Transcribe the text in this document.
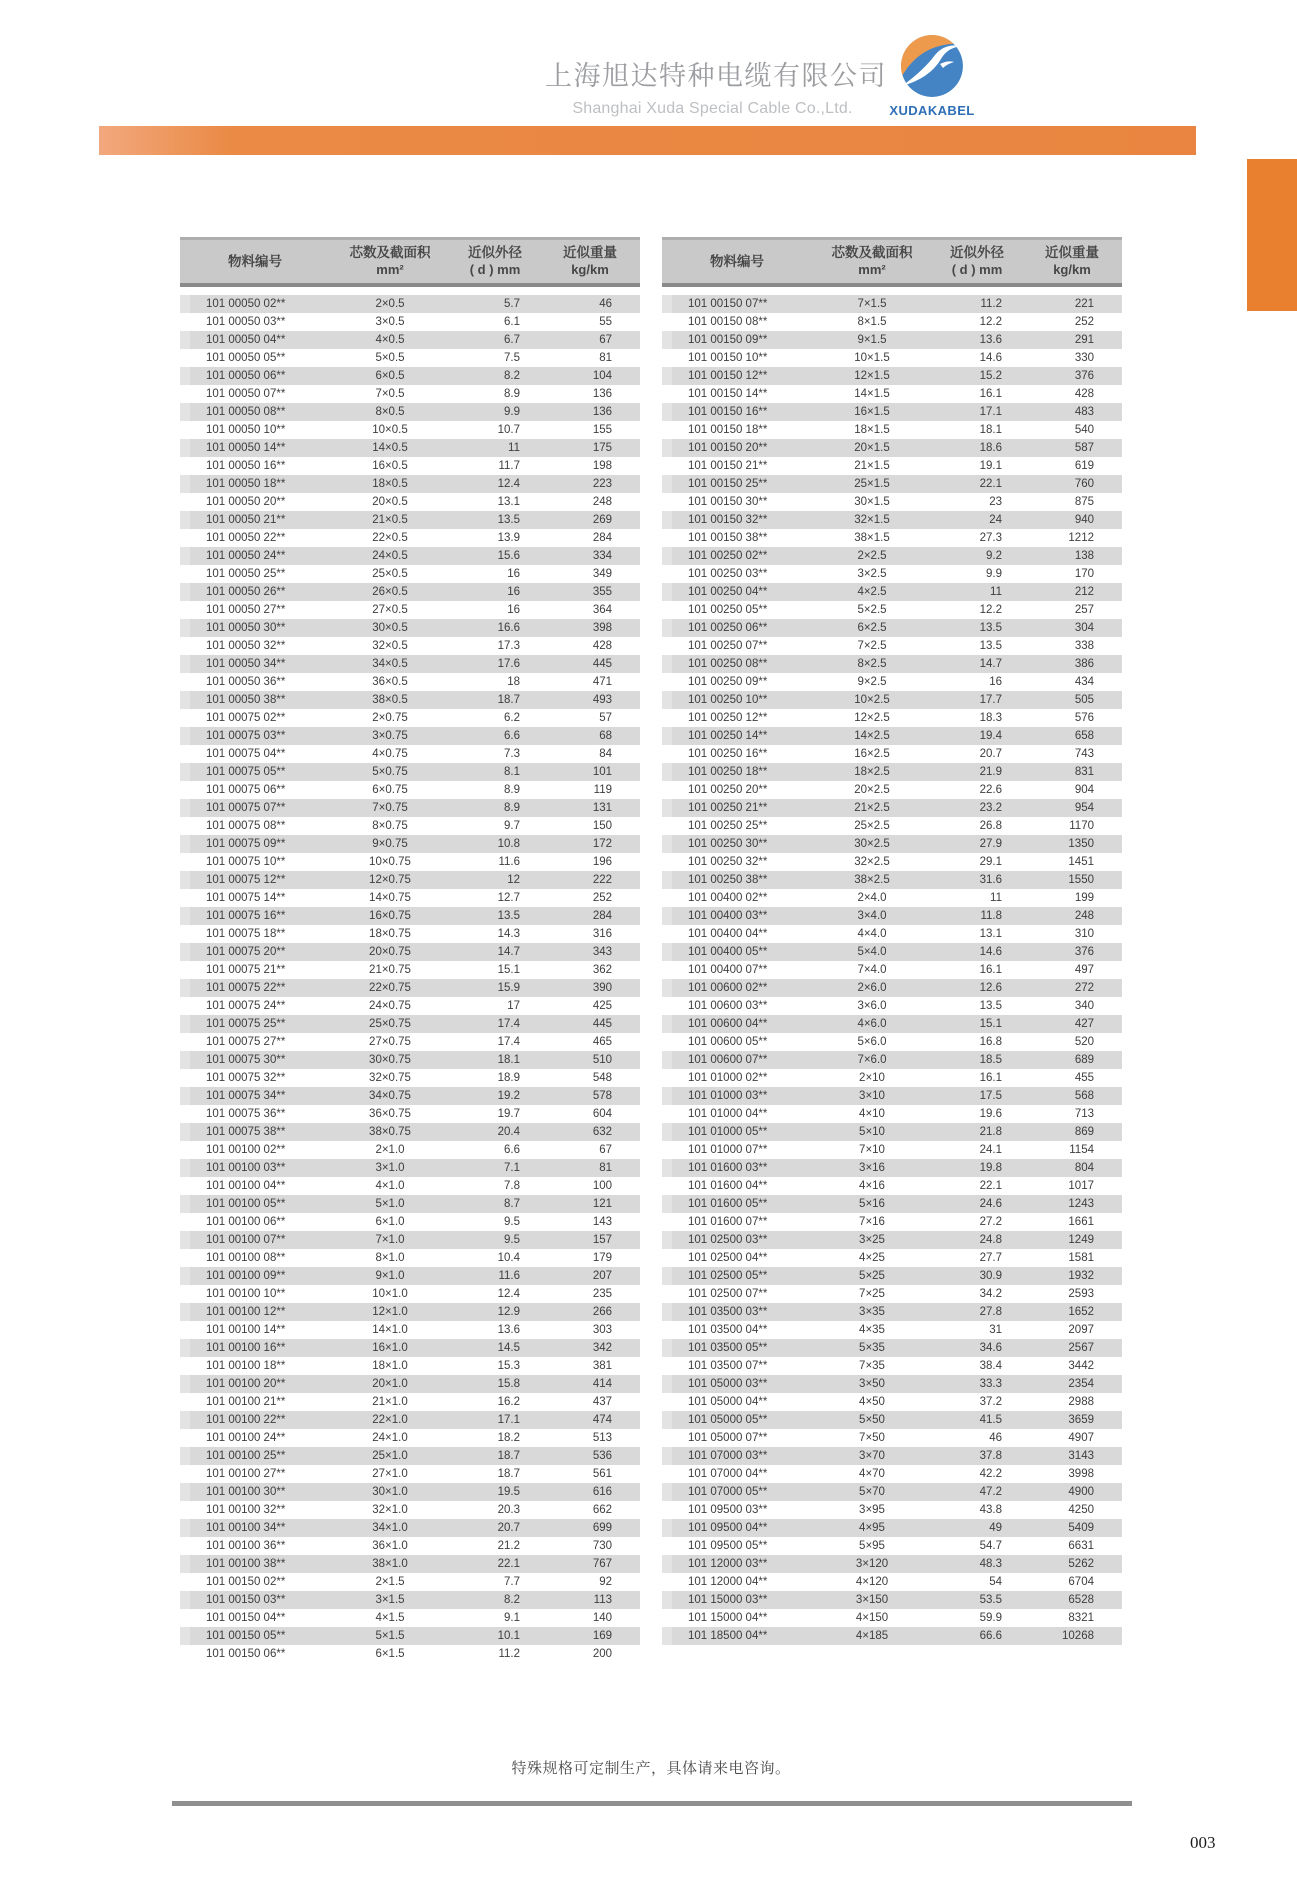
上海旭达特种电缆有限公司
Shanghai Xuda Special Cable Co.,Ltd.	XUDAKABEL
物料编号
芯数及截面积
mm²
近似外径
( d ) mm
近似重量
kg/km
101 00050 02**	2×0.5	5.7	46
101 00050 03**	3×0.5	6.1	55
101 00050 04**	4×0.5	6.7	67
101 00050 05**	5×0.5	7.5	81
101 00050 06**	6×0.5	8.2	104
101 00050 07**	7×0.5	8.9	136
101 00050 08**	8×0.5	9.9	136
101 00050 10**	10×0.5	10.7	155
101 00050 14**	14×0.5	11	175
101 00050 16**	16×0.5	11.7	198
101 00050 18**	18×0.5	12.4	223
101 00050 20**	20×0.5	13.1	248
101 00050 21**	21×0.5	13.5	269
101 00050 22**	22×0.5	13.9	284
101 00050 24**	24×0.5	15.6	334
101 00050 25**	25×0.5	16	349
101 00050 26**	26×0.5	16	355
101 00050 27**	27×0.5	16	364
101 00050 30**	30×0.5	16.6	398
101 00050 32**	32×0.5	17.3	428
101 00050 34**	34×0.5	17.6	445
101 00050 36**	36×0.5	18	471
101 00050 38**	38×0.5	18.7	493
101 00075 02**	2×0.75	6.2	57
101 00075 03**	3×0.75	6.6	68
101 00075 04**	4×0.75	7.3	84
101 00075 05**	5×0.75	8.1	101
101 00075 06**	6×0.75	8.9	119
101 00075 07**	7×0.75	8.9	131
101 00075 08**	8×0.75	9.7	150
101 00075 09**	9×0.75	10.8	172
101 00075 10**	10×0.75	11.6	196
101 00075 12**	12×0.75	12	222
101 00075 14**	14×0.75	12.7	252
101 00075 16**	16×0.75	13.5	284
101 00075 18**	18×0.75	14.3	316
101 00075 20**	20×0.75	14.7	343
101 00075 21**	21×0.75	15.1	362
101 00075 22**	22×0.75	15.9	390
101 00075 24**	24×0.75	17	425
101 00075 25**	25×0.75	17.4	445
101 00075 27**	27×0.75	17.4	465
101 00075 30**	30×0.75	18.1	510
101 00075 32**	32×0.75	18.9	548
101 00075 34**	34×0.75	19.2	578
101 00075 36**	36×0.75	19.7	604
101 00075 38**	38×0.75	20.4	632
101 00100 02**	2×1.0	6.6	67
101 00100 03**	3×1.0	7.1	81
101 00100 04**	4×1.0	7.8	100
101 00100 05**	5×1.0	8.7	121
101 00100 06**	6×1.0	9.5	143
101 00100 07**	7×1.0	9.5	157
101 00100 08**	8×1.0	10.4	179
101 00100 09**	9×1.0	11.6	207
101 00100 10**	10×1.0	12.4	235
101 00100 12**	12×1.0	12.9	266
101 00100 14**	14×1.0	13.6	303
101 00100 16**	16×1.0	14.5	342
101 00100 18**	18×1.0	15.3	381
101 00100 20**	20×1.0	15.8	414
101 00100 21**	21×1.0	16.2	437
101 00100 22**	22×1.0	17.1	474
101 00100 24**	24×1.0	18.2	513
101 00100 25**	25×1.0	18.7	536
101 00100 27**	27×1.0	18.7	561
101 00100 30**	30×1.0	19.5	616
101 00100 32**	32×1.0	20.3	662
101 00100 34**	34×1.0	20.7	699
101 00100 36**	36×1.0	21.2	730
101 00100 38**	38×1.0	22.1	767
101 00150 02**	2×1.5	7.7	92
101 00150 03**	3×1.5	8.2	113
101 00150 04**	4×1.5	9.1	140
101 00150 05**	5×1.5	10.1	169
101 00150 06**	6×1.5	11.2	200
物料编号
芯数及截面积
mm²
近似外径
( d ) mm
近似重量
kg/km
101 00150 07**	7×1.5	11.2	221
101 00150 08**	8×1.5	12.2	252
101 00150 09**	9×1.5	13.6	291
101 00150 10**	10×1.5	14.6	330
101 00150 12**	12×1.5	15.2	376
101 00150 14**	14×1.5	16.1	428
101 00150 16**	16×1.5	17.1	483
101 00150 18**	18×1.5	18.1	540
101 00150 20**	20×1.5	18.6	587
101 00150 21**	21×1.5	19.1	619
101 00150 25**	25×1.5	22.1	760
101 00150 30**	30×1.5	23	875
101 00150 32**	32×1.5	24	940
101 00150 38**	38×1.5	27.3	1212
101 00250 02**	2×2.5	9.2	138
101 00250 03**	3×2.5	9.9	170
101 00250 04**	4×2.5	11	212
101 00250 05**	5×2.5	12.2	257
101 00250 06**	6×2.5	13.5	304
101 00250 07**	7×2.5	13.5	338
101 00250 08**	8×2.5	14.7	386
101 00250 09**	9×2.5	16	434
101 00250 10**	10×2.5	17.7	505
101 00250 12**	12×2.5	18.3	576
101 00250 14**	14×2.5	19.4	658
101 00250 16**	16×2.5	20.7	743
101 00250 18**	18×2.5	21.9	831
101 00250 20**	20×2.5	22.6	904
101 00250 21**	21×2.5	23.2	954
101 00250 25**	25×2.5	26.8	1170
101 00250 30**	30×2.5	27.9	1350
101 00250 32**	32×2.5	29.1	1451
101 00250 38**	38×2.5	31.6	1550
101 00400 02**	2×4.0	11	199
101 00400 03**	3×4.0	11.8	248
101 00400 04**	4×4.0	13.1	310
101 00400 05**	5×4.0	14.6	376
101 00400 07**	7×4.0	16.1	497
101 00600 02**	2×6.0	12.6	272
101 00600 03**	3×6.0	13.5	340
101 00600 04**	4×6.0	15.1	427
101 00600 05**	5×6.0	16.8	520
101 00600 07**	7×6.0	18.5	689
101 01000 02**	2×10	16.1	455
101 01000 03**	3×10	17.5	568
101 01000 04**	4×10	19.6	713
101 01000 05**	5×10	21.8	869
101 01000 07**	7×10	24.1	1154
101 01600 03**	3×16	19.8	804
101 01600 04**	4×16	22.1	1017
101 01600 05**	5×16	24.6	1243
101 01600 07**	7×16	27.2	1661
101 02500 03**	3×25	24.8	1249
101 02500 04**	4×25	27.7	1581
101 02500 05**	5×25	30.9	1932
101 02500 07**	7×25	34.2	2593
101 03500 03**	3×35	27.8	1652
101 03500 04**	4×35	31	2097
101 03500 05**	5×35	34.6	2567
101 03500 07**	7×35	38.4	3442
101 05000 03**	3×50	33.3	2354
101 05000 04**	4×50	37.2	2988
101 05000 05**	5×50	41.5	3659
101 05000 07**	7×50	46	4907
101 07000 03**	3×70	37.8	3143
101 07000 04**	4×70	42.2	3998
101 07000 05**	5×70	47.2	4900
101 09500 03**	3×95	43.8	4250
101 09500 04**	4×95	49	5409
101 09500 05**	5×95	54.7	6631
101 12000 03**	3×120	48.3	5262
101 12000 04**	4×120	54	6704
101 15000 03**	3×150	53.5	6528
101 15000 04**	4×150	59.9	8321
101 18500 04**	4×185	66.6	10268
特殊规格可定制生产，具体请来电咨询。
003
